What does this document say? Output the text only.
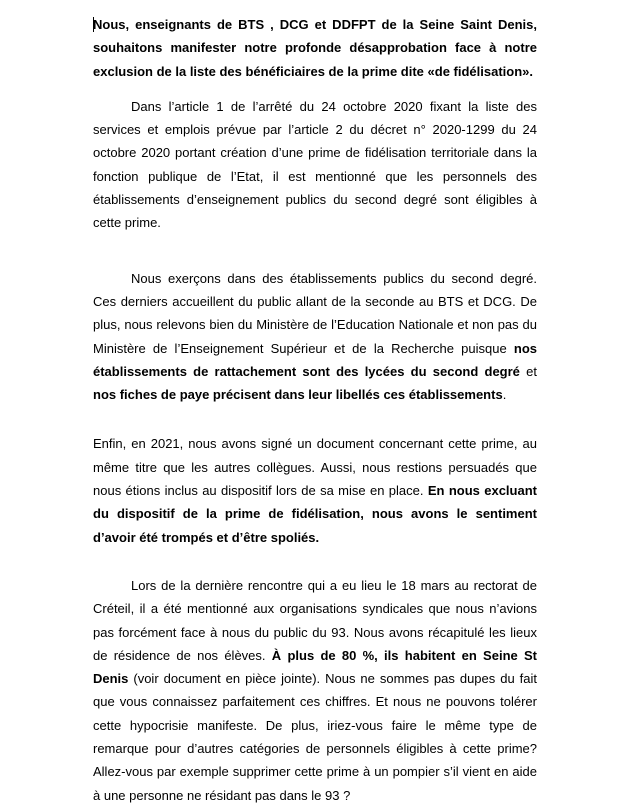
Nous, enseignants de BTS , DCG et DDFPT de la Seine Saint Denis, souhaitons manifester notre profonde désapprobation face à notre exclusion de la liste des bénéficiaires de la prime dite «de fidélisation».

Dans l’article 1 de l’arrêté du 24 octobre 2020 fixant la liste des services et emplois prévue par l’article 2 du décret n° 2020-1299 du 24 octobre 2020 portant création d’une prime de fidélisation territoriale dans la fonction publique de l’Etat, il est mentionné que les personnels des établissements d’enseignement publics du second degré sont éligibles à cette prime.

Nous exerçons dans des établissements publics du second degré. Ces derniers accueillent du public allant de la seconde au BTS et DCG. De plus, nous relevons bien du Ministère de l’Education Nationale et non pas du Ministère de l’Enseignement Supérieur et de la Recherche puisque nos établissements de rattachement sont des lycées du second degré et nos fiches de paye précisent dans leur libellés ces établissements.

Enfin, en 2021, nous avons signé un document concernant cette prime, au même titre que les autres collègues. Aussi, nous restions persuadés que nous étions inclus au dispositif lors de sa mise en place. En nous excluant du dispositif de la prime de fidélisation, nous avons le sentiment d’avoir été trompés et d’être spoliés.

Lors de la dernière rencontre qui a eu lieu le 18 mars au rectorat de Créteil, il a été mentionné aux organisations syndicales que nous n’avions pas forcément face à nous du public du 93. Nous avons récapitulé les lieux de résidence de nos élèves. À plus de 80 %, ils habitent en Seine St Denis (voir document en pièce jointe). Nous ne sommes pas dupes du fait que vous connaissez parfaitement ces chiffres. Et nous ne pouvons tolérer cette hypocrisie manifeste. De plus, iriez-vous faire le même type de remarque pour d’autres catégories de personnels éligibles à cette prime? Allez-vous par exemple supprimer cette prime à un pompier s’il vient en aide à une personne ne résidant pas dans le 93 ?
